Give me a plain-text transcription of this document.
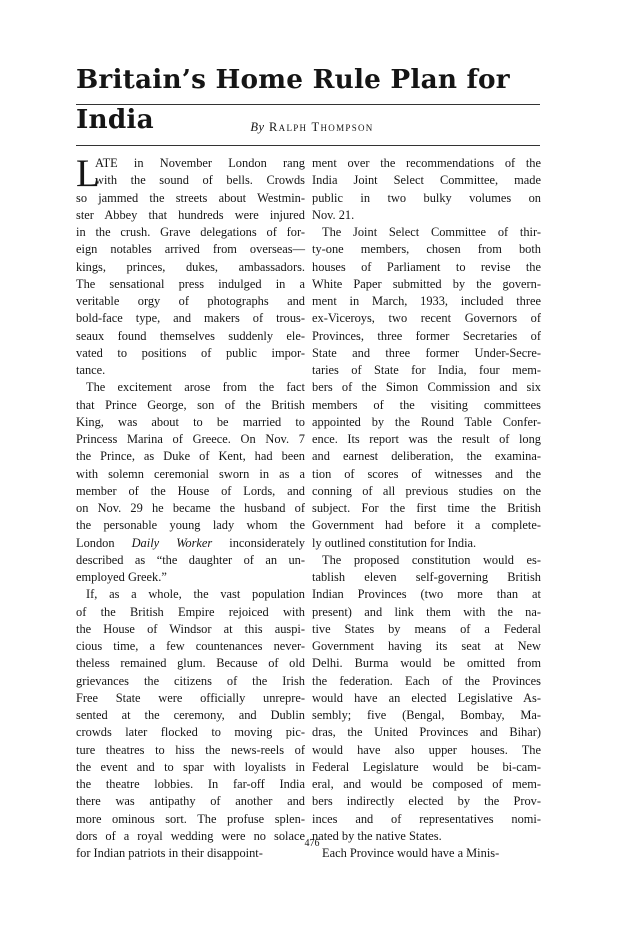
Britain’s Home Rule Plan for India	By Ralph Thompson
L
ATE in November London rang
with the sound of bells. Crowds
so jammed the streets about Westmin-
ster Abbey that hundreds were injured
in the crush. Grave delegations of for-
eign notables arrived from overseas—
kings, princes, dukes, ambassadors.
The sensational press indulged in a
veritable orgy of photographs and
bold-face type, and makers of trous-
seaux found themselves suddenly ele-
vated to positions of public impor-
tance.
The excitement arose from the fact
that Prince George, son of the British
King, was about to be married to
Princess Marina of Greece. On Nov. 7
the Prince, as Duke of Kent, had been
with solemn ceremonial sworn in as a
member of the House of Lords, and
on Nov. 29 he became the husband of
the personable young lady whom the
London Daily Worker inconsiderately
described as “the daughter of an un-
employed Greek.”
If, as a whole, the vast population
of the British Empire rejoiced with
the House of Windsor at this auspi-
cious time, a few countenances never-
theless remained glum. Because of old
grievances the citizens of the Irish
Free State were officially unrepre-
sented at the ceremony, and Dublin
crowds later flocked to moving pic-
ture theatres to hiss the news-reels of
the event and to spar with loyalists in
the theatre lobbies. In far-off India
there was antipathy of another and
more ominous sort. The profuse splen-
dors of a royal wedding were no solace
for Indian patriots in their disappoint-
ment over the recommendations of the
India Joint Select Committee, made
public in two bulky volumes on
Nov. 21.
The Joint Select Committee of thir-
ty-one members, chosen from both
houses of Parliament to revise the
White Paper submitted by the govern-
ment in March, 1933, included three
ex-Viceroys, two recent Governors of
Provinces, three former Secretaries of
State and three former Under-Secre-
taries of State for India, four mem-
bers of the Simon Commission and six
members of the visiting committees
appointed by the Round Table Confer-
ence. Its report was the result of long
and earnest deliberation, the examina-
tion of scores of witnesses and the
conning of all previous studies on the
subject. For the first time the British
Government had before it a complete-
ly outlined constitution for India.
The proposed constitution would es-
tablish eleven self-governing British
Indian Provinces (two more than at
present) and link them with the na-
tive States by means of a Federal
Government having its seat at New
Delhi. Burma would be omitted from
the federation. Each of the Provinces
would have an elected Legislative As-
sembly; five (Bengal, Bombay, Ma-
dras, the United Provinces and Bihar)
would have also upper houses. The
Federal Legislature would be bi-cam-
eral, and would be composed of mem-
bers indirectly elected by the Prov-
inces and of representatives nomi-
nated by the native States.
Each Province would have a Minis-
476
